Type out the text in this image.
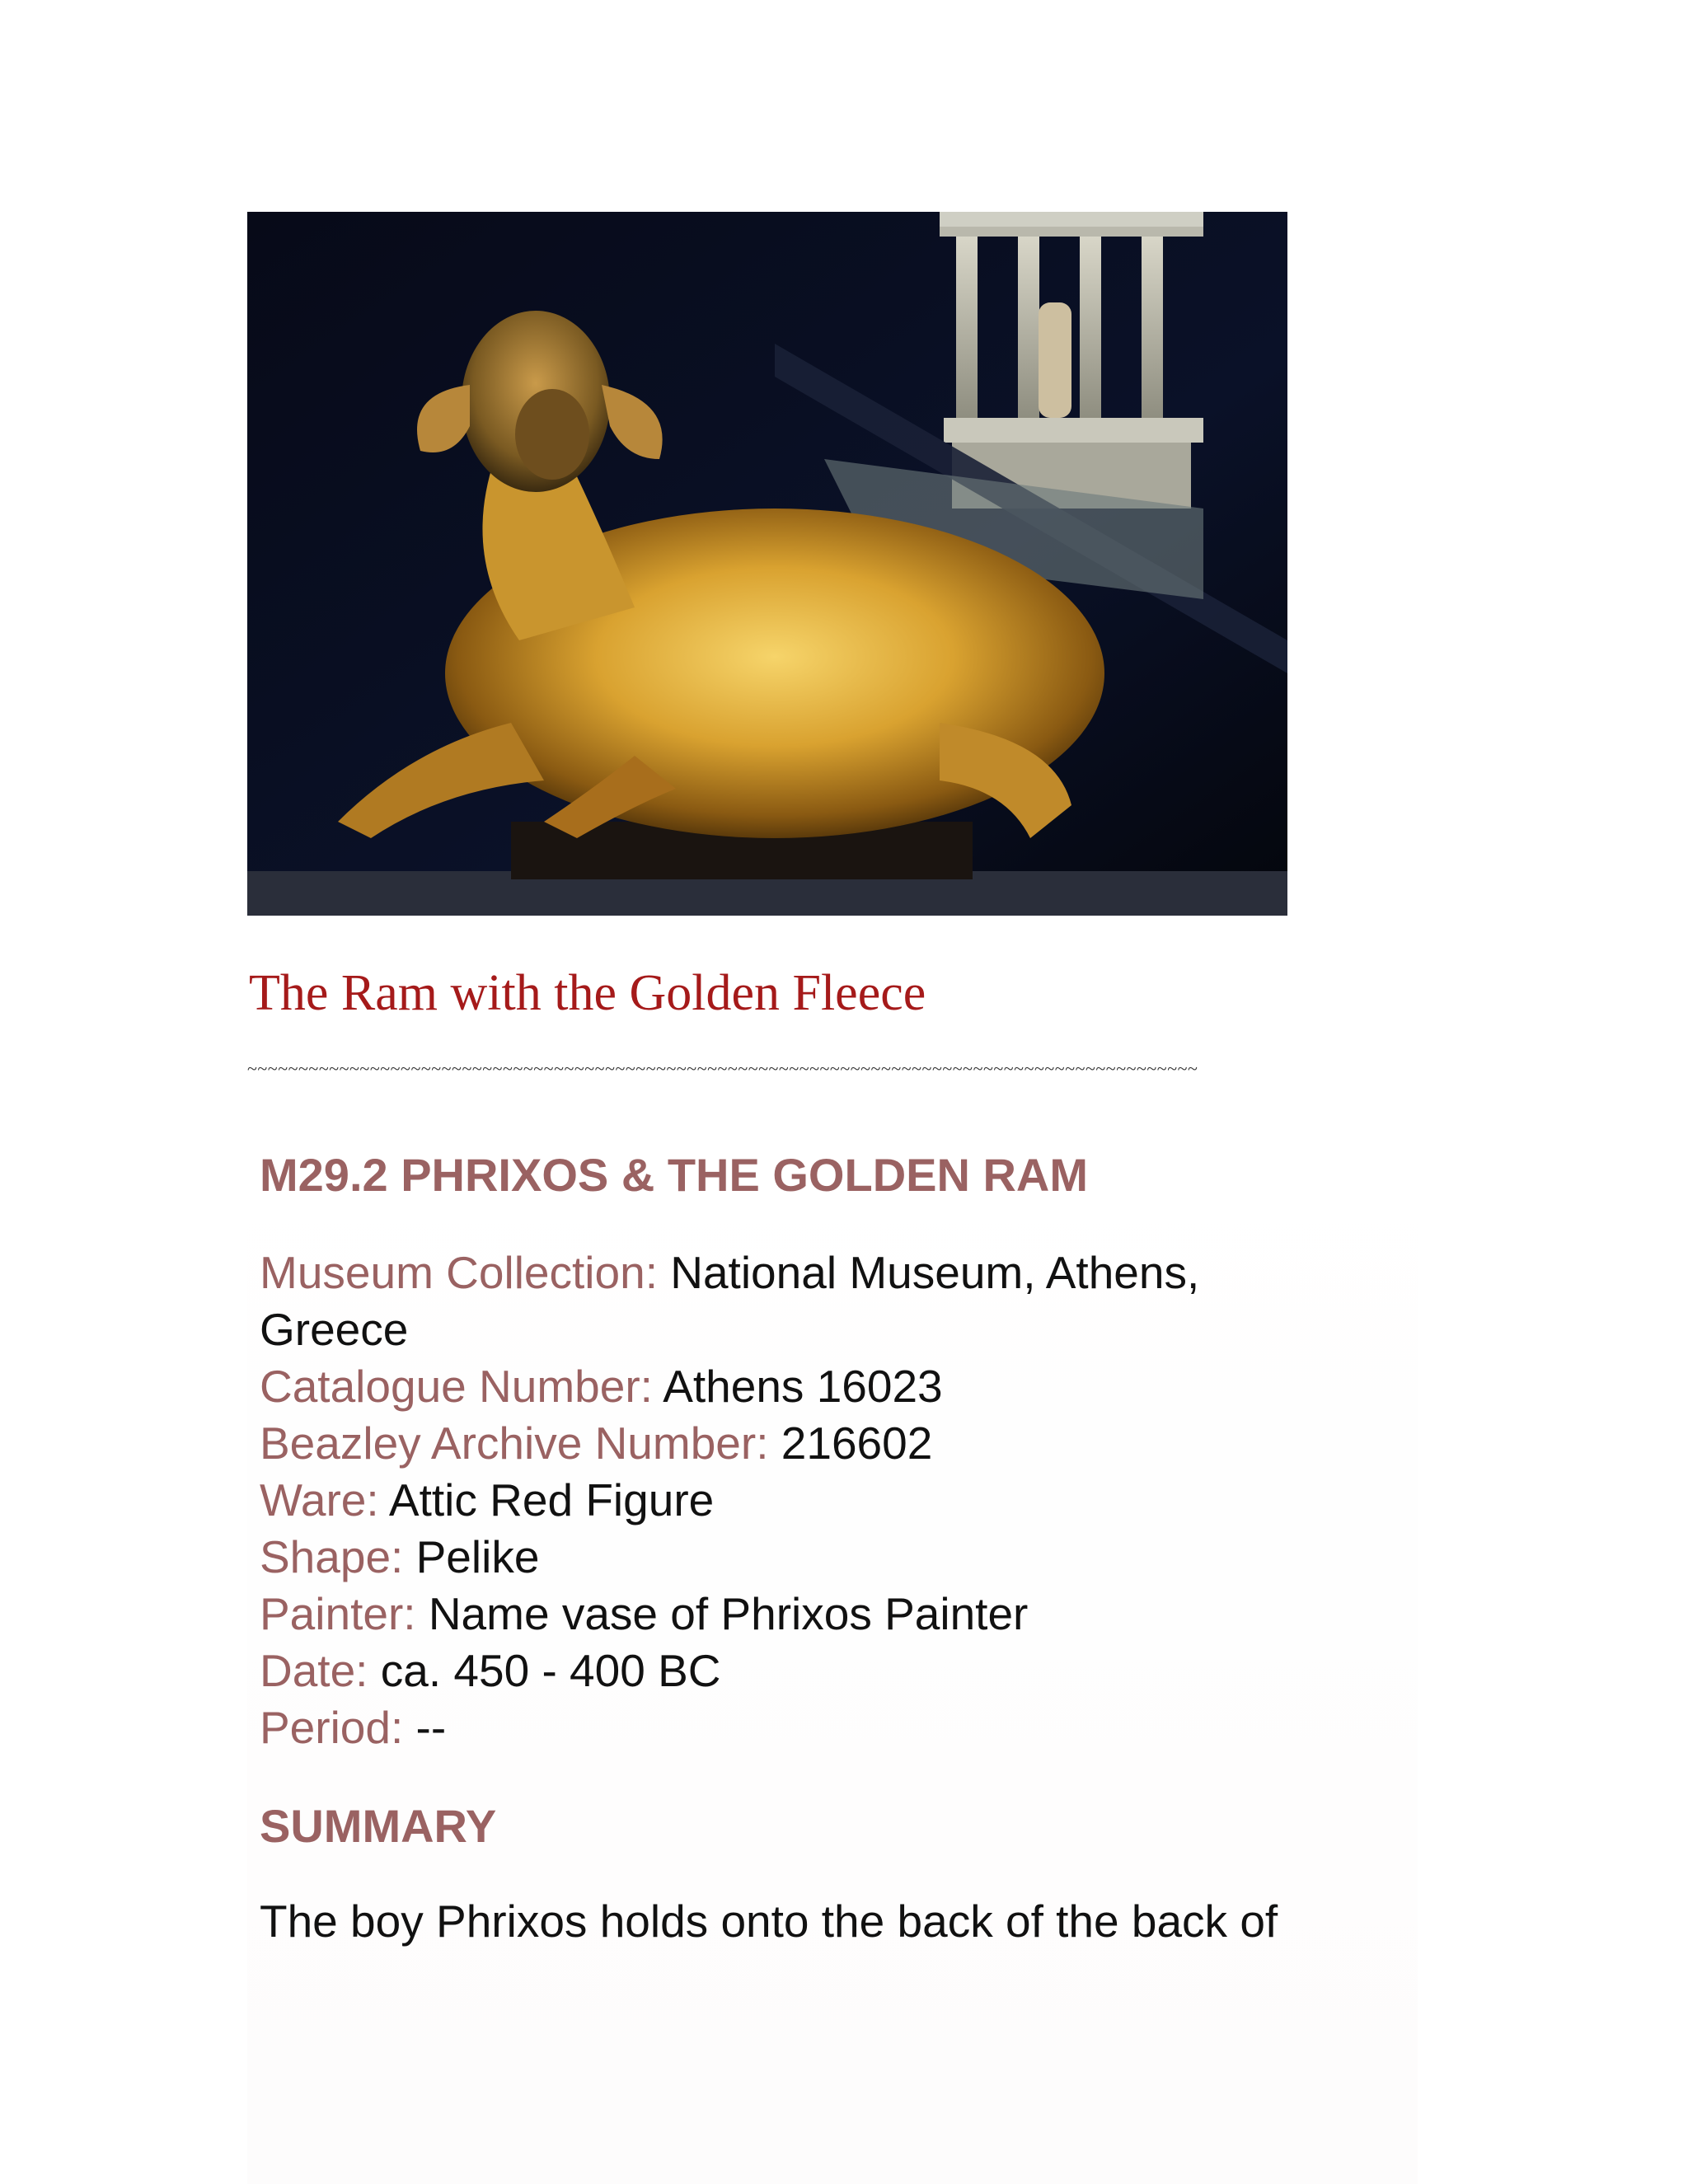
The Ram with the Golden Fleece
~~~~~~~~~~~~~~~~~~~~~~~~~~~~~~~~~~~~~~~~~~~~~~~~~~~~~~~~~~~~~~~~~~~~~~~~~~~~~~~~~~~~~~~~~~~~~
M29.2 PHRIXOS & THE GOLDEN RAM
Museum Collection: National Museum, Athens, Greece
Catalogue Number: Athens 16023
Beazley Archive Number: 216602
Ware: Attic Red Figure
Shape: Pelike
Painter: Name vase of Phrixos Painter
Date: ca. 450 - 400 BC
Period: --
SUMMARY
The boy Phrixos holds onto the back of the back of
